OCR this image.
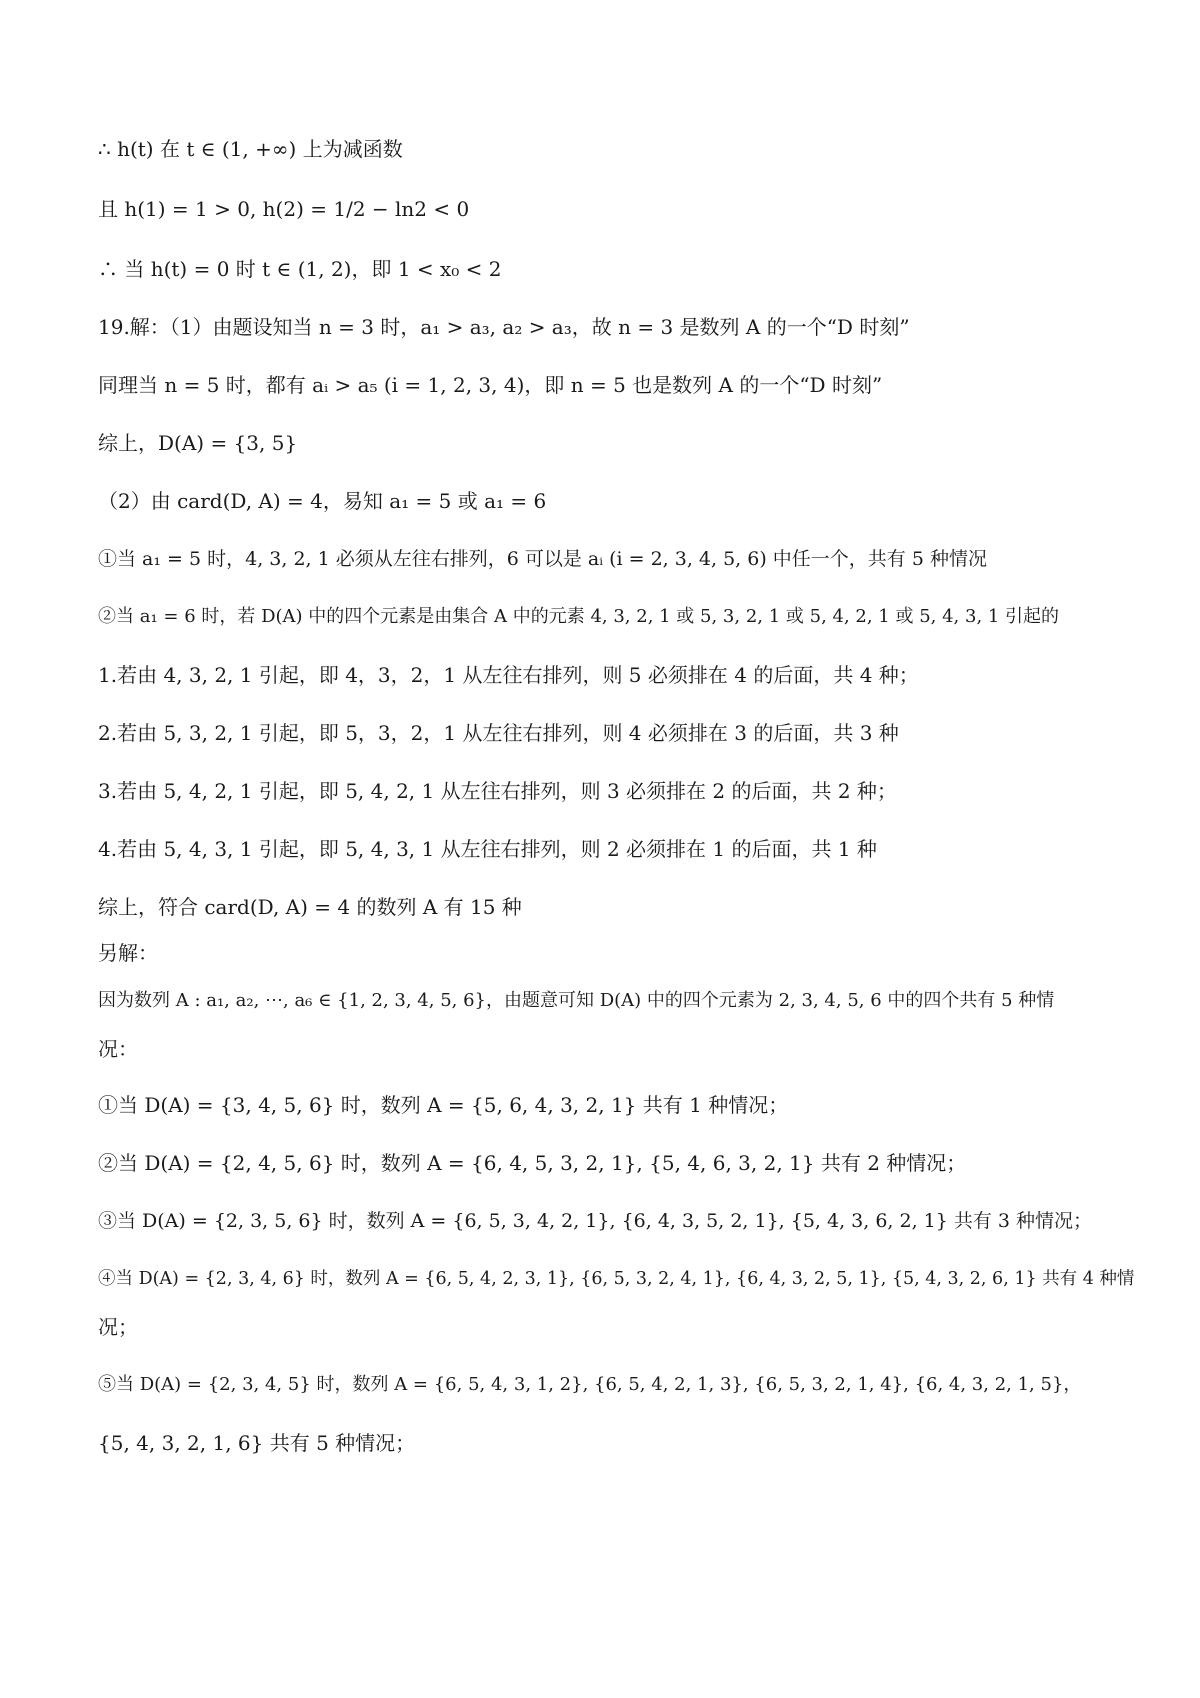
∴ h(t) 在 t ∈ (1, +∞) 上为减函数
且 h(1) = 1 > 0, h(2) = 1/2 − ln2 < 0
∴ 当 h(t) = 0 时 t ∈ (1, 2)，即 1 < x₀ < 2
19.解：（1）由题设知当 n = 3 时，a₁ > a₃, a₂ > a₃，故 n = 3 是数列 A 的一个“D 时刻”
同理当 n = 5 时，都有 aᵢ > a₅ (i = 1, 2, 3, 4)，即 n = 5 也是数列 A 的一个“D 时刻”
综上，D(A) = {3, 5}
（2）由 card(D, A) = 4，易知 a₁ = 5 或 a₁ = 6
①当 a₁ = 5 时，4, 3, 2, 1 必须从左往右排列，6 可以是 aᵢ (i = 2, 3, 4, 5, 6) 中任一个，共有 5 种情况
②当 a₁ = 6 时，若 D(A) 中的四个元素是由集合 A 中的元素 4, 3, 2, 1 或 5, 3, 2, 1 或 5, 4, 2, 1 或 5, 4, 3, 1 引起的
1.若由 4, 3, 2, 1 引起，即 4，3，2，1 从左往右排列，则 5 必须排在 4 的后面，共 4 种；
2.若由 5, 3, 2, 1 引起，即 5，3，2，1 从左往右排列，则 4 必须排在 3 的后面，共 3 种
3.若由 5, 4, 2, 1 引起，即 5, 4, 2, 1 从左往右排列，则 3 必须排在 2 的后面，共 2 种；
4.若由 5, 4, 3, 1 引起，即 5, 4, 3, 1 从左往右排列，则 2 必须排在 1 的后面，共 1 种
综上，符合 card(D, A) = 4 的数列 A 有 15 种
另解：
因为数列 A : a₁, a₂, ⋯, a₆ ∈ {1, 2, 3, 4, 5, 6}，由题意可知 D(A) 中的四个元素为 2, 3, 4, 5, 6 中的四个共有 5 种情
况：
①当 D(A) = {3, 4, 5, 6} 时，数列 A = {5, 6, 4, 3, 2, 1} 共有 1 种情况；
②当 D(A) = {2, 4, 5, 6} 时，数列 A = {6, 4, 5, 3, 2, 1}, {5, 4, 6, 3, 2, 1} 共有 2 种情况；
③当 D(A) = {2, 3, 5, 6} 时，数列 A = {6, 5, 3, 4, 2, 1}, {6, 4, 3, 5, 2, 1}, {5, 4, 3, 6, 2, 1} 共有 3 种情况；
④当 D(A) = {2, 3, 4, 6} 时，数列 A = {6, 5, 4, 2, 3, 1}, {6, 5, 3, 2, 4, 1}, {6, 4, 3, 2, 5, 1}, {5, 4, 3, 2, 6, 1} 共有 4 种情
况；
⑤当 D(A) = {2, 3, 4, 5} 时，数列 A = {6, 5, 4, 3, 1, 2}, {6, 5, 4, 2, 1, 3}, {6, 5, 3, 2, 1, 4}, {6, 4, 3, 2, 1, 5}，
{5, 4, 3, 2, 1, 6} 共有 5 种情况；
